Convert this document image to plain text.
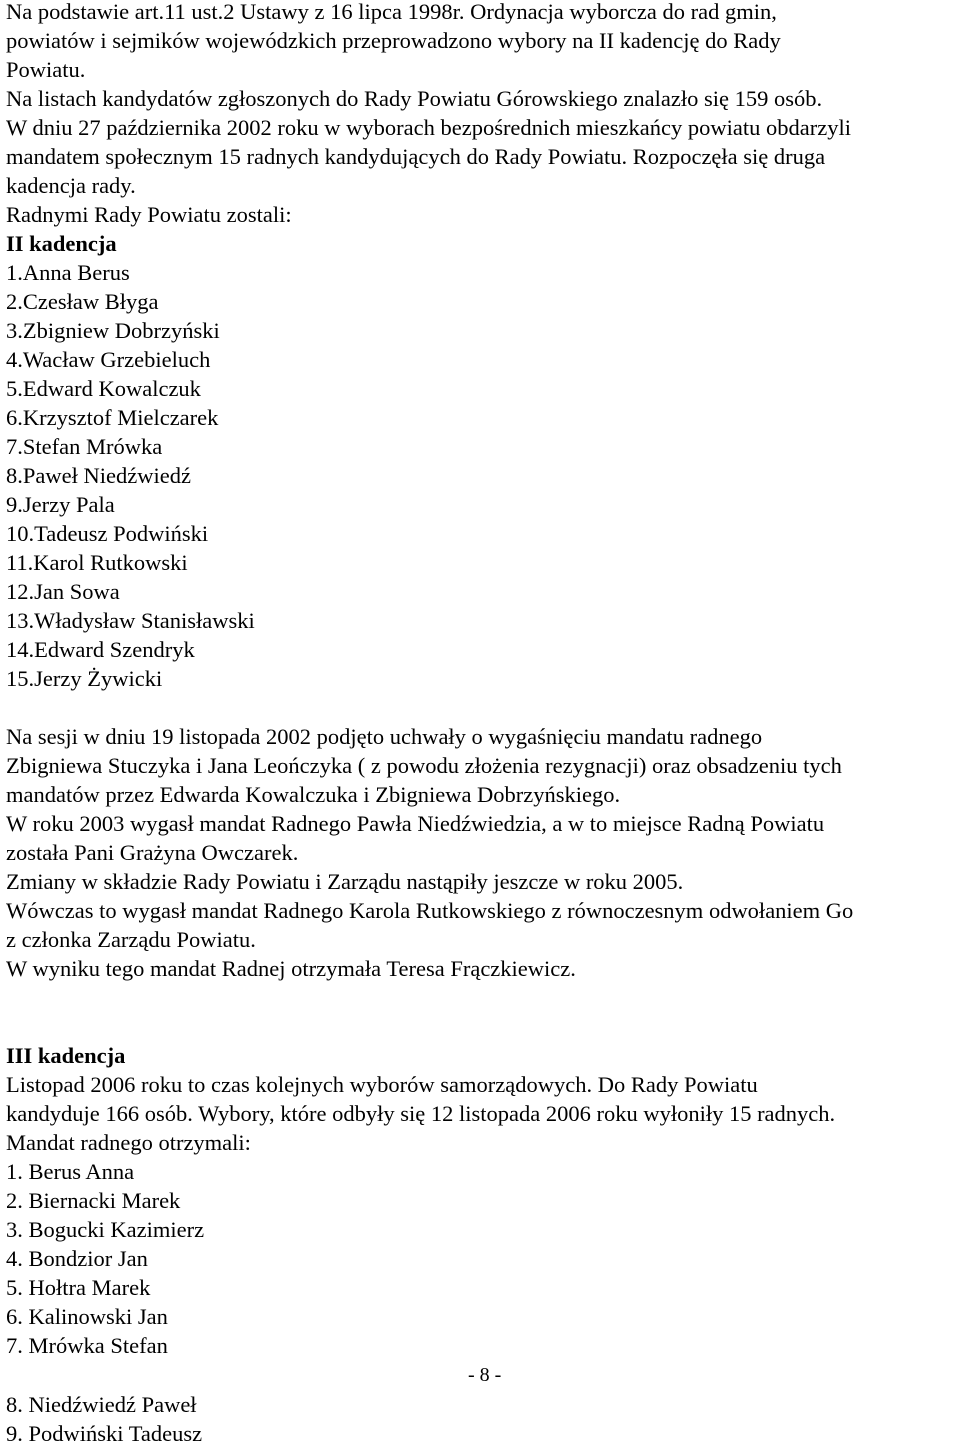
Na podstawie art.11 ust.2 Ustawy z 16 lipca 1998r. Ordynacja wyborcza do rad gmin,
powiatów i sejmików wojewódzkich przeprowadzono wybory na II kadencję do Rady
Powiatu.
Na listach kandydatów zgłoszonych do Rady Powiatu Górowskiego znalazło się 159 osób.
W dniu 27 października 2002 roku w wyborach bezpośrednich mieszkańcy powiatu obdarzyli
mandatem społecznym 15 radnych kandydujących do Rady Powiatu. Rozpoczęła się druga
kadencja rady.
Radnymi Rady Powiatu zostali:
II kadencja
1.Anna Berus
2.Czesław Błyga
3.Zbigniew Dobrzyński
4.Wacław Grzebieluch
5.Edward Kowalczuk
6.Krzysztof Mielczarek
7.Stefan Mrówka
8.Paweł Niedźwiedź
9.Jerzy Pala
10.Tadeusz Podwiński
11.Karol Rutkowski
12.Jan Sowa
13.Władysław Stanisławski
14.Edward Szendryk
15.Jerzy Żywicki
Na sesji w dniu 19 listopada 2002 podjęto uchwały o wygaśnięciu mandatu radnego
Zbigniewa Stuczyka i Jana Leończyka ( z powodu złożenia rezygnacji) oraz obsadzeniu tych
mandatów przez Edwarda Kowalczuka i Zbigniewa Dobrzyńskiego.
W roku 2003 wygasł mandat Radnego Pawła Niedźwiedzia, a w to miejsce Radną Powiatu
została Pani Grażyna Owczarek.
Zmiany w składzie Rady Powiatu i Zarządu nastąpiły jeszcze w roku 2005.
Wówczas to wygasł mandat Radnego Karola Rutkowskiego z równoczesnym odwołaniem Go
z członka Zarządu Powiatu.
W wyniku tego mandat Radnej otrzymała Teresa Frączkiewicz.
III kadencja
Listopad 2006 roku to czas kolejnych wyborów samorządowych. Do Rady Powiatu
kandyduje 166 osób. Wybory, które odbyły się 12 listopada 2006 roku wyłoniły 15 radnych.
Mandat radnego otrzymali:
1. Berus Anna
2. Biernacki Marek
3. Bogucki Kazimierz
4. Bondzior Jan
5. Hołtra Marek
6. Kalinowski Jan
7. Mrówka Stefan
- 8 -
8. Niedźwiedź Paweł
9. Podwiński Tadeusz
